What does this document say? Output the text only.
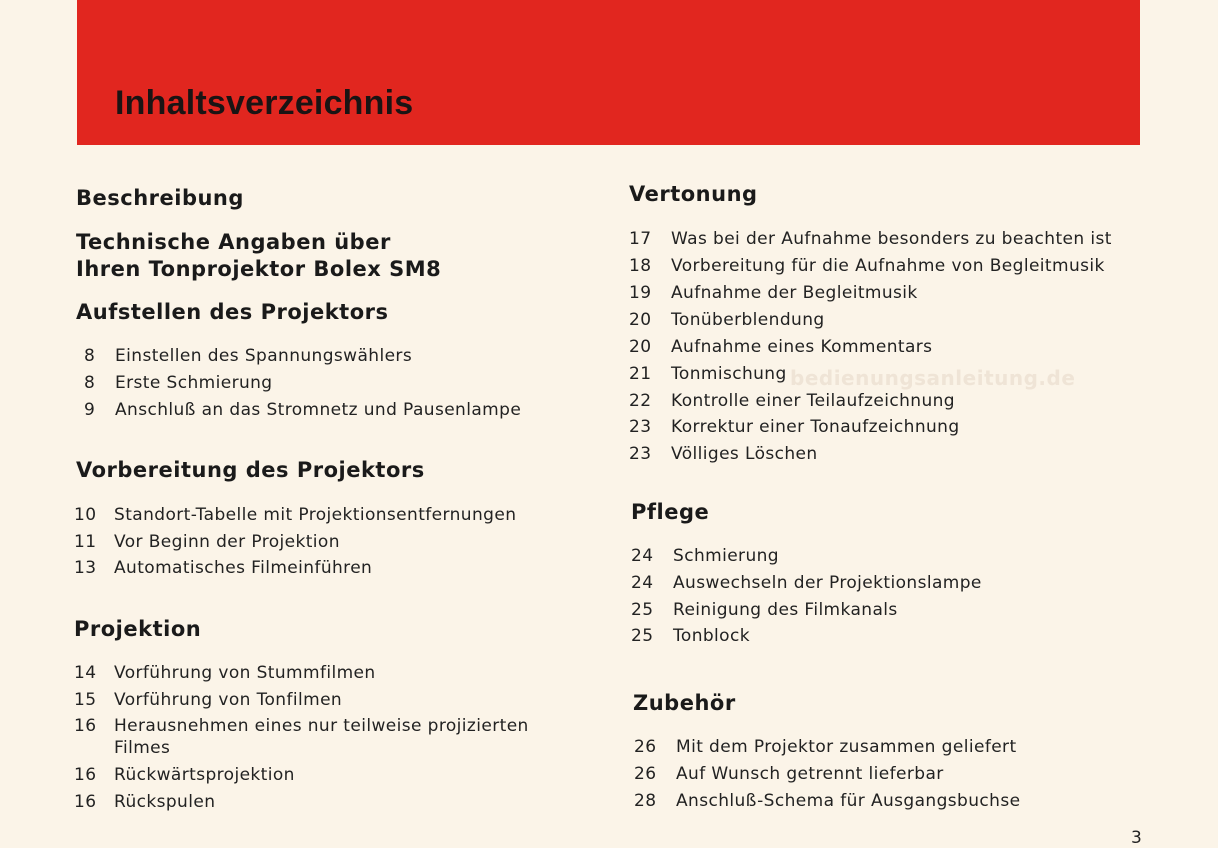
Inhaltsverzeichnis
bedienungsanleitung.de
Beschreibung
Technische Angaben über
Ihren Tonprojektor Bolex SM8
Aufstellen des Projektors
8 Einstellen des Spannungswählers
8 Erste Schmierung
9 Anschluß an das Stromnetz und Pausenlampe
Vorbereitung des Projektors
10 Standort-Tabelle mit Projektionsentfernungen
11 Vor Beginn der Projektion
13 Automatisches Filmeinführen
Projektion
14 Vorführung von Stummfilmen
15 Vorführung von Tonfilmen
16 Herausnehmen eines nur teilweise projizierten
Filmes
16 Rückwärtsprojektion
16 Rückspulen
Vertonung
17 Was bei der Aufnahme besonders zu beachten ist
18 Vorbereitung für die Aufnahme von Begleitmusik
19 Aufnahme der Begleitmusik
20 Tonüberblendung
20 Aufnahme eines Kommentars
21 Tonmischung
22 Kontrolle einer Teilaufzeichnung
23 Korrektur einer Tonaufzeichnung
23 Völliges Löschen
Pflege
24 Schmierung
24 Auswechseln der Projektionslampe
25 Reinigung des Filmkanals
25 Tonblock
Zubehör
26 Mit dem Projektor zusammen geliefert
26 Auf Wunsch getrennt lieferbar
28 Anschluß-Schema für Ausgangsbuchse
3
